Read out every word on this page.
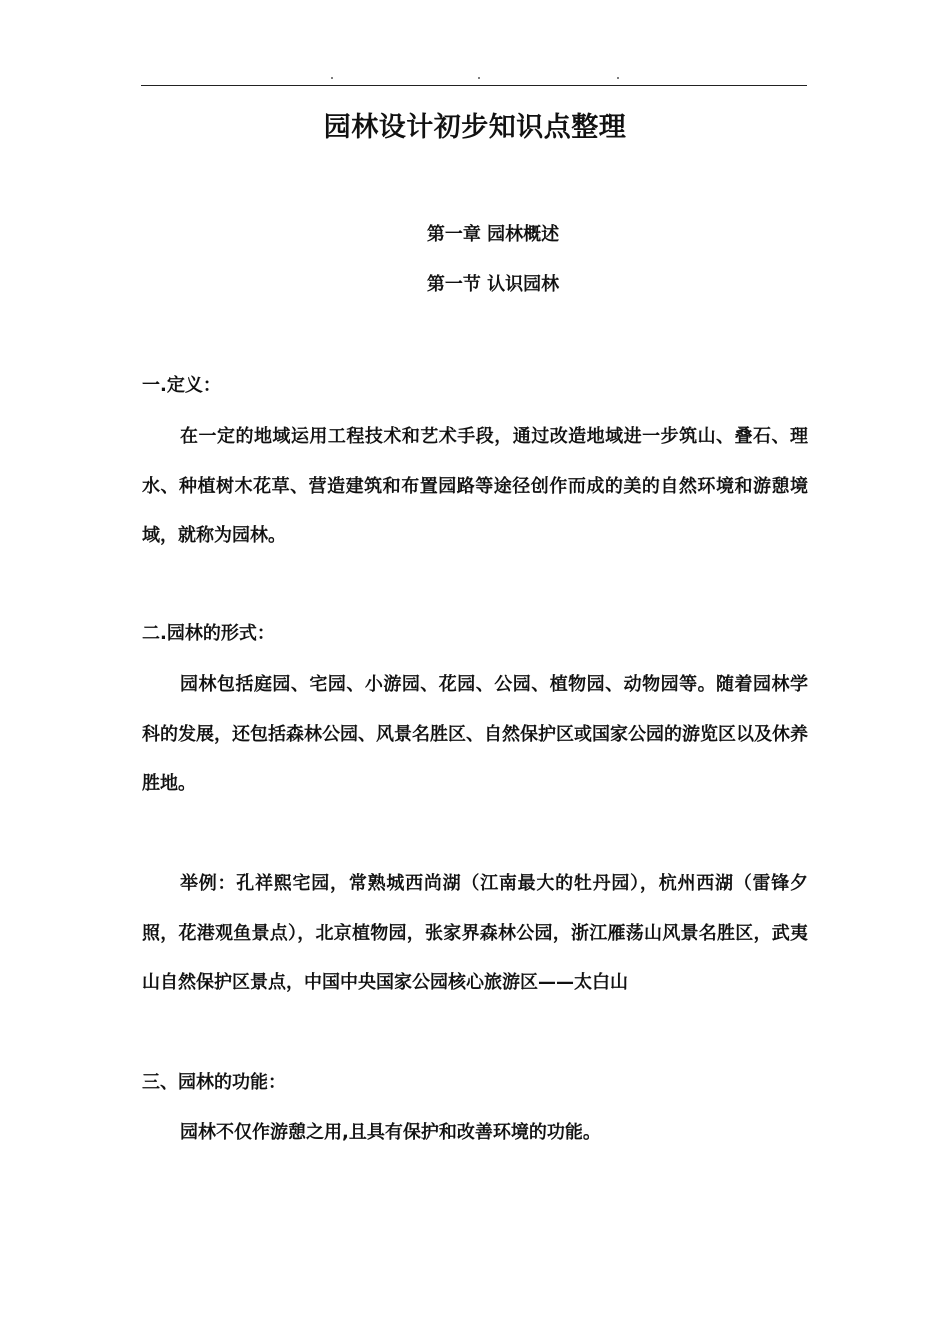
园林设计初步知识点整理
第一章 园林概述
第一节 认识园林
一.定义：

在一定的地域运用工程技术和艺术手段，通过改造地域进一步筑山、叠石、理水、种植树木花草、营造建筑和布置园路等途径创作而成的美的自然环境和游憩境域，就称为园林。

二.园林的形式：

园林包括庭园、宅园、小游园、花园、公园、植物园、动物园等。随着园林学科的发展，还包括森林公园、风景名胜区、自然保护区或国家公园的游览区以及休养胜地。

举例：孔祥熙宅园，常熟城西尚湖（江南最大的牡丹园），杭州西湖（雷锋夕照，花港观鱼景点），北京植物园，张家界森林公园，浙江雁荡山风景名胜区，武夷山自然保护区景点，中国中央国家公园核心旅游区——太白山

三、园林的功能：

园林不仅作游憩之用,且具有保护和改善环境的功能。
